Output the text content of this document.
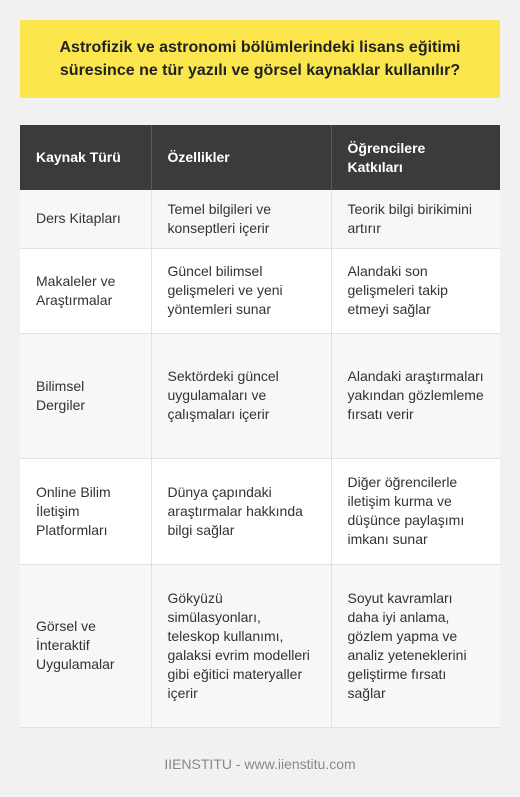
Astrofizik ve astronomi bölümlerindeki lisans eğitimi süresince ne tür yazılı ve görsel kaynaklar kullanılır?
Kaynak Türü	Özellikler	Öğrencilere Katkıları
Ders Kitapları	Temel bilgileri ve konseptleri içerir	Teorik bilgi birikimini artırır
Makaleler ve Araştırmalar	Güncel bilimsel gelişmeleri ve yeni yöntemleri sunar	Alandaki son gelişmeleri takip etmeyi sağlar
Bilimsel Dergiler	Sektördeki güncel uygulamaları ve çalışmaları içerir	Alandaki araştırmaları yakından gözlemleme fırsatı verir
Online Bilim İletişim Platformları	Dünya çapındaki araştırmalar hakkında bilgi sağlar	Diğer öğrencilerle iletişim kurma ve düşünce paylaşımı imkanı sunar
Görsel ve İnteraktif Uygulamalar	Gökyüzü simülasyonları, teleskop kullanımı, galaksi evrim modelleri gibi eğitici materyaller içerir	Soyut kavramları daha iyi anlama, gözlem yapma ve analiz yeteneklerini geliştirme fırsatı sağlar
IIENSTITU - www.iienstitu.com
